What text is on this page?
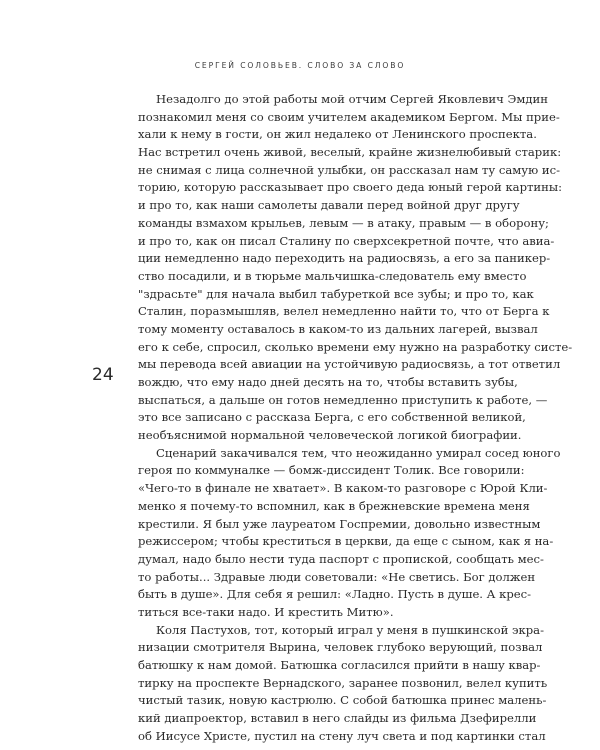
СЕРГЕЙ СОЛОВЬЕВ. СЛОВО ЗА СЛОВО
24

Незадолго до этой работы мой отчим Сергей Яковлевич Эмдин
познакомил меня со своим учителем академиком Бергом. Мы прие-
хали к нему в гости, он жил недалеко от Ленинского проспекта.
Нас встретил очень живой, веселый, крайне жизнелюбивый старик:
не снимая с лица солнечной улыбки, он рассказал нам ту самую ис-
торию, которую рассказывает про своего деда юный герой картины:
и про то, как наши самолеты давали перед войной друг другу
команды взмахом крыльев, левым — в атаку, правым — в оборону;
и про то, как он писал Сталину по сверхсекретной почте, что авиа-
ции немедленно надо переходить на радиосвязь, а его за паникер-
ство посадили, и в тюрьме мальчишка-следователь ему вместо
"здрасьте" для начала выбил табуреткой все зубы; и про то, как
Сталин, поразмышляв, велел немедленно найти то, что от Берга к
тому моменту оставалось в каком-то из дальних лагерей, вызвал
его к себе, спросил, сколько времени ему нужно на разработку систе-
мы перевода всей авиации на устойчивую радиосвязь, а тот ответил
вождю, что ему надо дней десять на то, чтобы вставить зубы,
выспаться, а дальше он готов немедленно приступить к работе, —
это все записано с рассказа Берга, с его собственной великой,
необъяснимой нормальной человеческой логикой биографии.

Сценарий закачивался тем, что неожиданно умирал сосед юного
героя по коммуналке — бомж-диссидент Толик. Все говорили:
«Чего-то в финале не хватает». В каком-то разговоре с Юрой Кли-
менко я почему-то вспомнил, как в брежневские времена меня
крестили. Я был уже лауреатом Госпремии, довольно известным
режиссером; чтобы креститься в церкви, да еще с сыном, как я на-
думал, надо было нести туда паспорт с пропиской, сообщать мес-
то работы... Здравые люди советовали: «Не светись. Бог должен
быть в душе». Для себя я решил: «Ладно. Пусть в душе. А крес-
титься все-таки надо. И крестить Митю».

Коля Пастухов, тот, который играл у меня в пушкинской экра-
низации смотрителя Вырина, человек глубоко верующий, позвал
батюшку к нам домой. Батюшка согласился прийти в нашу квар-
тирку на проспекте Вернадского, заранее позвонил, велел купить
чистый тазик, новую кастрюлю. С собой батюшка принес малень-
кий диапроектор, вставил в него слайды из фильма Дзефирелли
об Иисусе Христе, пустил на стену луч света и под картинки стал
